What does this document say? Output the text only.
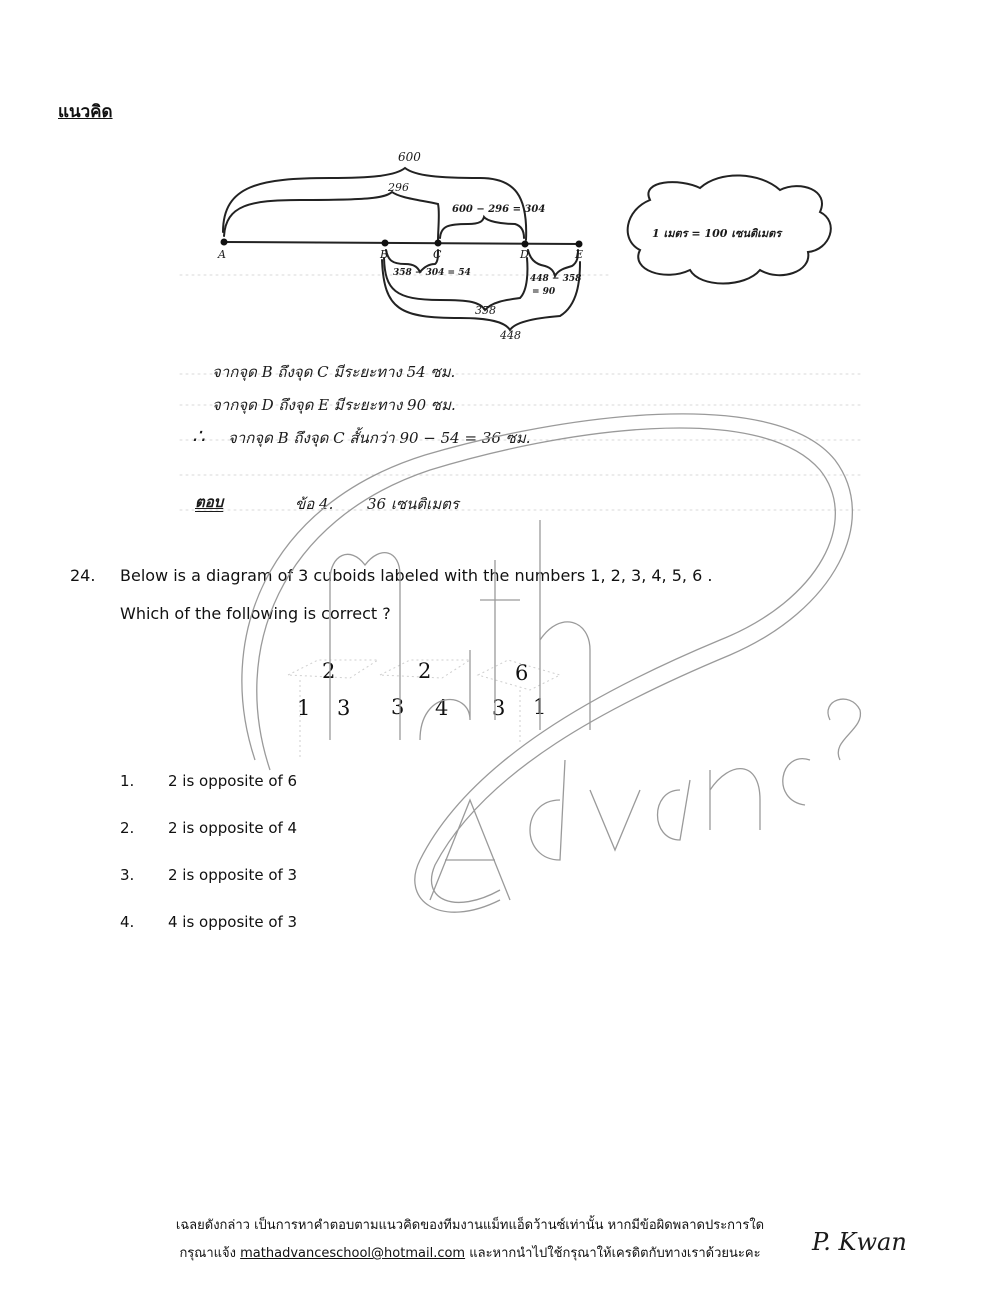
แนวคิด
600
296
600 − 296 = 304
A	B	C	D	E
358 − 304 = 54
448 − 358
= 90
358
448
1 เมตร = 100 เซนติเมตร
จากจุด B ถึงจุด C มีระยะทาง 54 ซม.
จากจุด D ถึงจุด E มีระยะทาง 90 ซม.
∴ จากจุด B ถึงจุด C สั้นกว่า 90 − 54 = 36 ซม.
ตอบ	ข้อ 4. 36 เซนติเมตร
24. Below is a diagram of 3 cuboids labeled with the numbers 1, 2, 3, 4, 5, 6 .
Which of the following is correct ?
2
1 3
2
3 4
6
3 1
1. 2 is opposite of 6
2. 2 is opposite of 4
3. 2 is opposite of 3
4. 4 is opposite of 3
เฉลยดังกล่าว เป็นการหาคำตอบตามแนวคิดของทีมงานแม็ทแอ็ดว้านซ์เท่านั้น หากมีข้อผิดพลาดประการใด
กรุณาแจ้ง mathadvanceschool@hotmail.com และหากนำไปใช้กรุณาให้เครดิตกับทางเราด้วยนะคะ	P. Kwan
